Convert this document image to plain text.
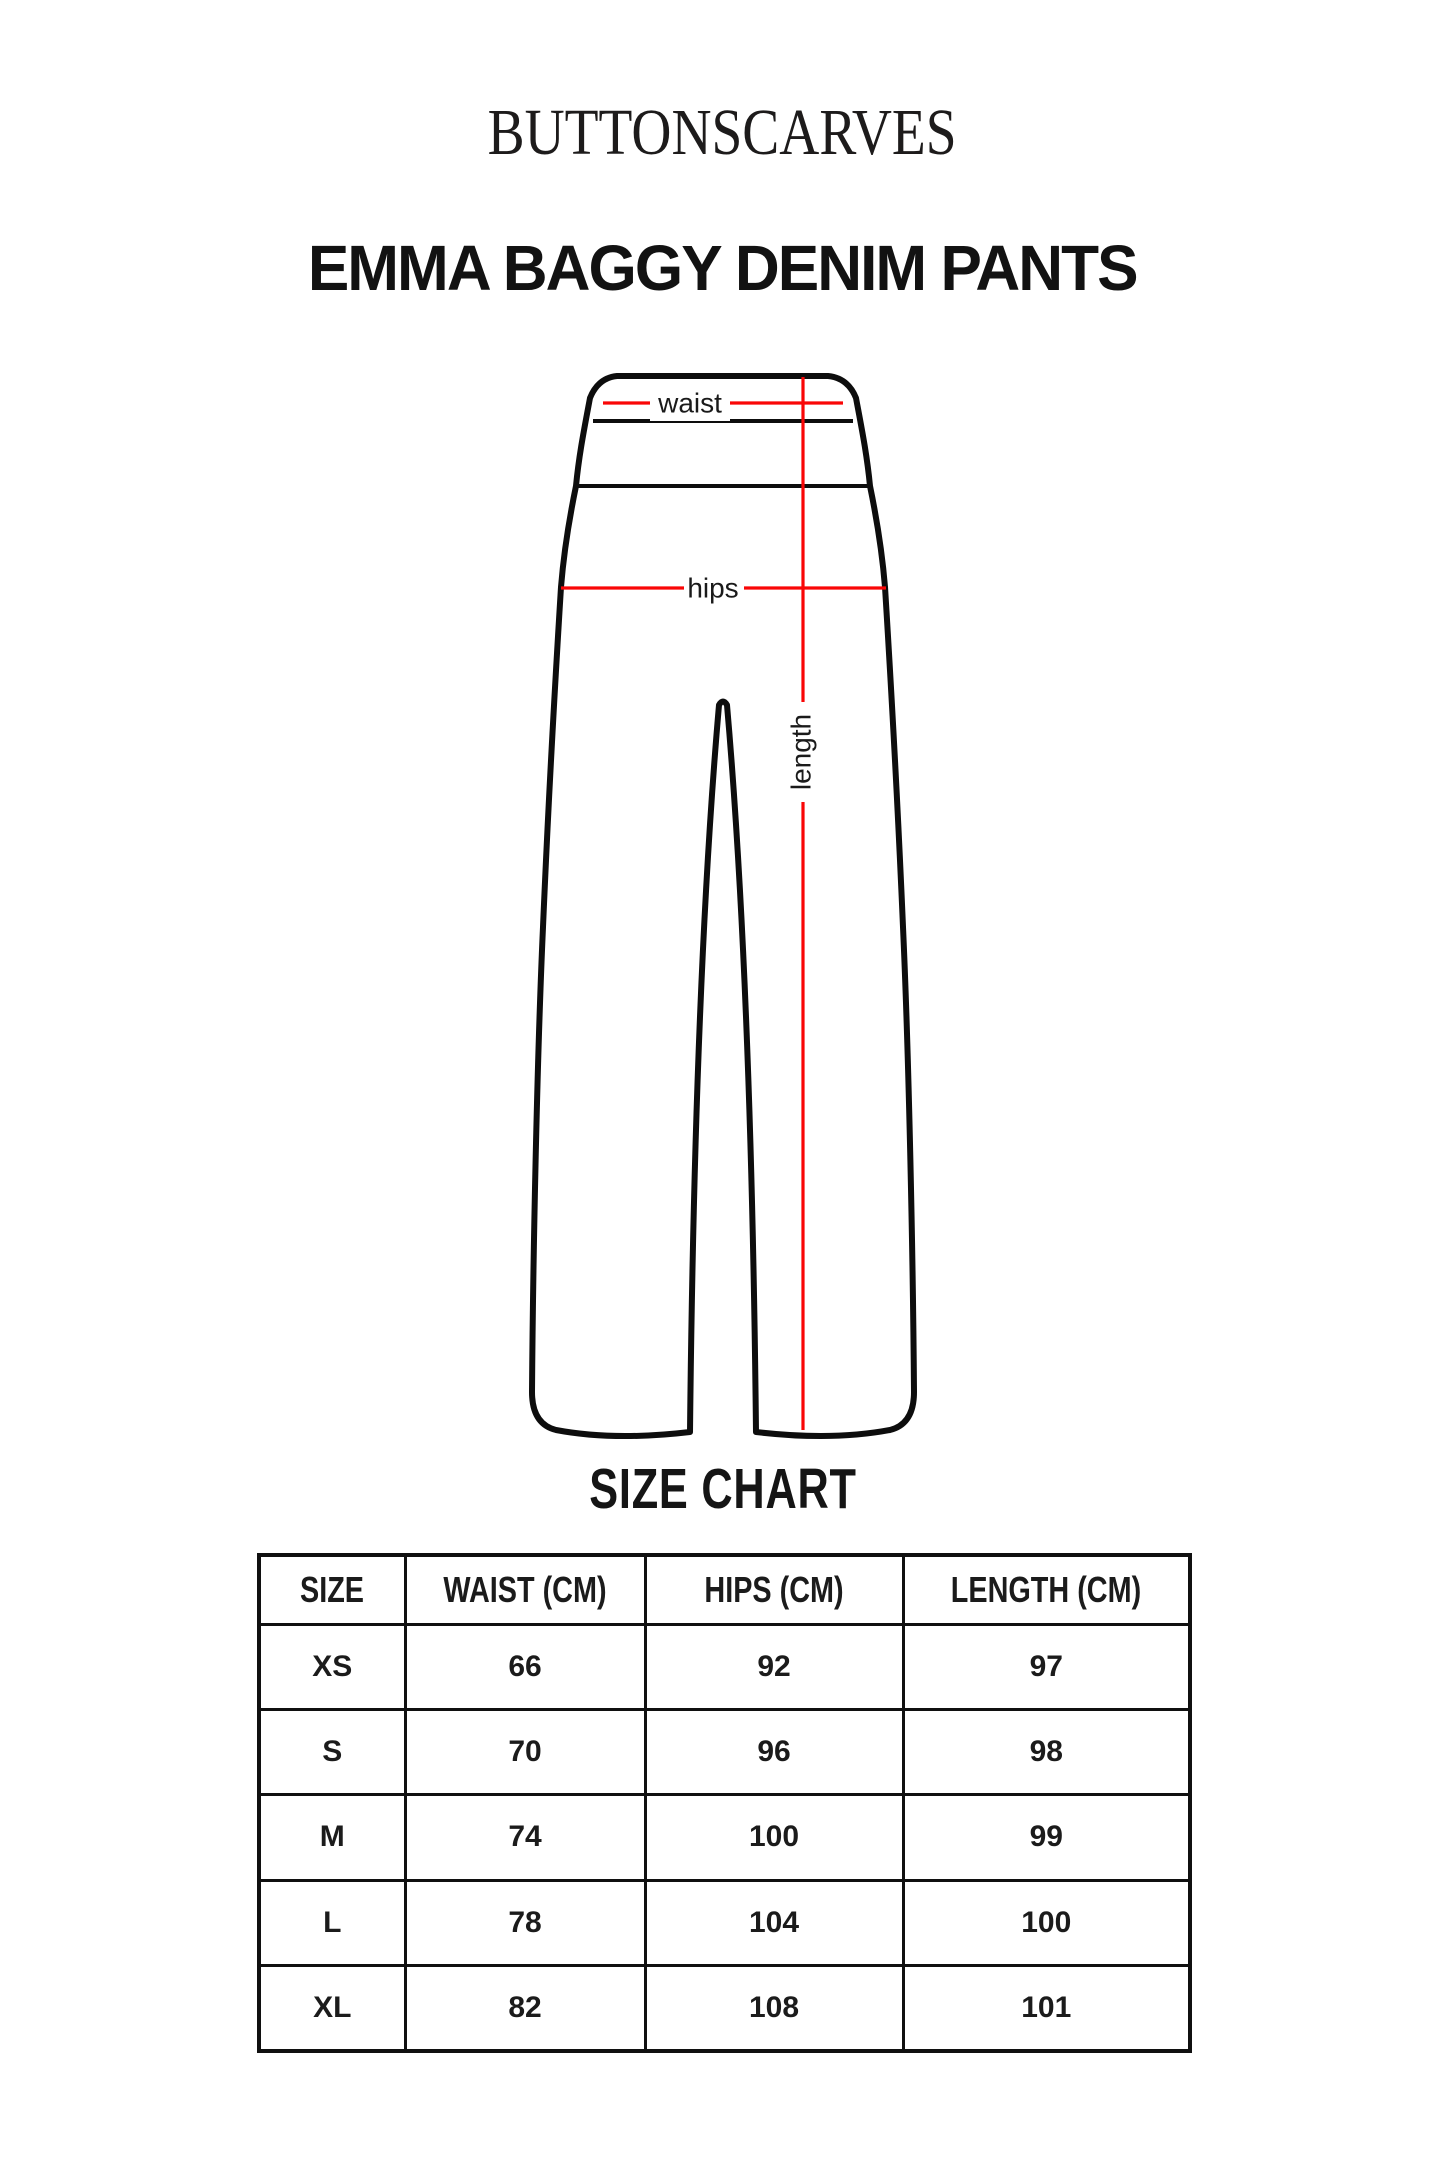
BUTTONSCARVES
EMMA BAGGY DENIM PANTS
waist
hips
length
SIZE CHART
SIZE	WAIST (CM)	HIPS (CM)	LENGTH (CM)
XS	66	92	97
S	70	96	98
M	74	100	99
L	78	104	100
XL	82	108	101
